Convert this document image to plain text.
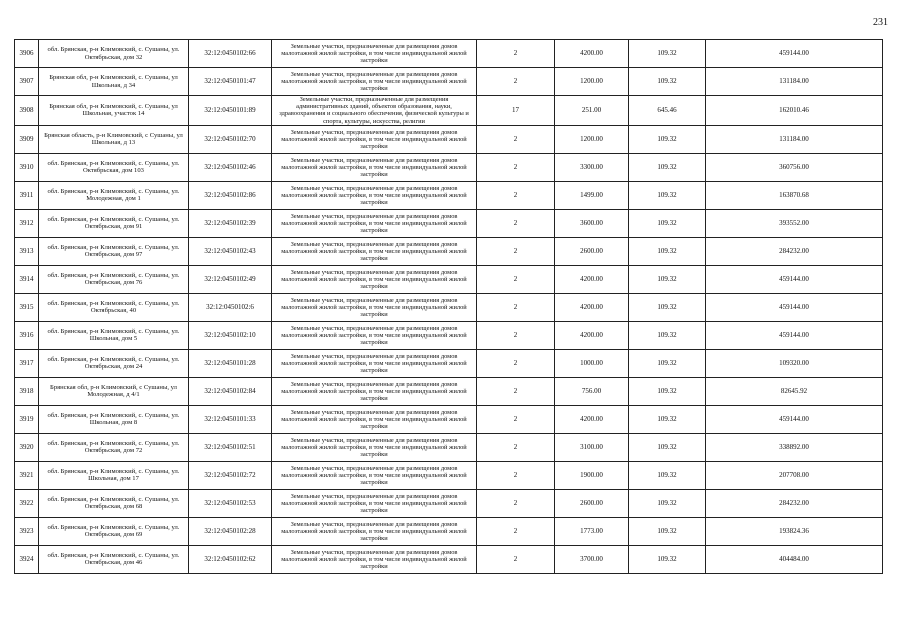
231
3906	обл. Брянская, р-н Климовский, с. Сушаны, ул. Октябрьская, дом 32	32:12:0450102:66	Земельные участки, предназначенные для размещения домов малоэтажной жилой застройки, в том числе индивидуальной жилой застройки	2	4200.00	109.32	459144.00
3907	Брянская обл, р-н Климовский, с. Сушаны, ул Школьная, д 34	32:12:0450101:47	Земельные участки, предназначенные для размещения домов малоэтажной жилой застройки, в том числе индивидуальной жилой застройки	2	1200.00	109.32	131184.00
3908	Брянская обл, р-н Климовский, с. Сушаны, ул Школьная, участок 14	32:12:0450101:89	Земельные участки, предназначенные для размещения административных зданий, объектов образования, науки, здравоохранения и социального обеспечения, физической культуры и спорта, культуры, искусства, религии	17	251.00	645.46	162010.46
3909	Брянская область, р-н Климовский, с Сушаны, ул Школьная, д 13	32:12:0450102:70	Земельные участки, предназначенные для размещения домов малоэтажной жилой застройки, в том числе индивидуальной жилой застройки	2	1200.00	109.32	131184.00
3910	обл. Брянская, р-н Климовский, с. Сушаны, ул. Октябрьская, дом 103	32:12:0450102:46	Земельные участки, предназначенные для размещения домов малоэтажной жилой застройки, в том числе индивидуальной жилой застройки	2	3300.00	109.32	360756.00
3911	обл. Брянская, р-н Климовский, с. Сушаны, ул. Молодежная, дом 1	32:12:0450102:86	Земельные участки, предназначенные для размещения домов малоэтажной жилой застройки, в том числе индивидуальной жилой застройки	2	1499.00	109.32	163870.68
3912	обл. Брянская, р-н Климовский, с. Сушаны, ул. Октябрьская, дом 91	32:12:0450102:39	Земельные участки, предназначенные для размещения домов малоэтажной жилой застройки, в том числе индивидуальной жилой застройки	2	3600.00	109.32	393552.00
3913	обл. Брянская, р-н Климовский, с. Сушаны, ул. Октябрьская, дом 97	32:12:0450102:43	Земельные участки, предназначенные для размещения домов малоэтажной жилой застройки, в том числе индивидуальной жилой застройки	2	2600.00	109.32	284232.00
3914	обл. Брянская, р-н Климовский, с. Сушаны, ул. Октябрьская, дом 76	32:12:0450102:49	Земельные участки, предназначенные для размещения домов малоэтажной жилой застройки, в том числе индивидуальной жилой застройки	2	4200.00	109.32	459144.00
3915	обл. Брянская, р-н Климовский, с. Сушаны, ул. Октябрьская, 40	32:12:0450102:6	Земельные участки, предназначенные для размещения домов малоэтажной жилой застройки, в том числе индивидуальной жилой застройки	2	4200.00	109.32	459144.00
3916	обл. Брянская, р-н Климовский, с. Сушаны, ул. Школьная, дом 5	32:12:0450102:10	Земельные участки, предназначенные для размещения домов малоэтажной жилой застройки, в том числе индивидуальной жилой застройки	2	4200.00	109.32	459144.00
3917	обл. Брянская, р-н Климовский, с. Сушаны, ул. Октябрьская, дом 24	32:12:0450101:28	Земельные участки, предназначенные для размещения домов малоэтажной жилой застройки, в том числе индивидуальной жилой застройки	2	1000.00	109.32	109320.00
3918	Брянская обл, р-н Климовский, с Сушаны, ул Молодежная, д 4/1	32:12:0450102:84	Земельные участки, предназначенные для размещения домов малоэтажной жилой застройки, в том числе индивидуальной жилой застройки	2	756.00	109.32	82645.92
3919	обл. Брянская, р-н Климовский, с. Сушаны, ул. Школьная, дом 8	32:12:0450101:33	Земельные участки, предназначенные для размещения домов малоэтажной жилой застройки, в том числе индивидуальной жилой застройки	2	4200.00	109.32	459144.00
3920	обл. Брянская, р-н Климовский, с. Сушаны, ул. Октябрьская, дом 72	32:12:0450102:51	Земельные участки, предназначенные для размещения домов малоэтажной жилой застройки, в том числе индивидуальной жилой застройки	2	3100.00	109.32	338892.00
3921	обл. Брянская, р-н Климовский, с. Сушаны, ул. Школьная, дом 17	32:12:0450102:72	Земельные участки, предназначенные для размещения домов малоэтажной жилой застройки, в том числе индивидуальной жилой застройки	2	1900.00	109.32	207708.00
3922	обл. Брянская, р-н Климовский, с. Сушаны, ул. Октябрьская, дом 68	32:12:0450102:53	Земельные участки, предназначенные для размещения домов малоэтажной жилой застройки, в том числе индивидуальной жилой застройки	2	2600.00	109.32	284232.00
3923	обл. Брянская, р-н Климовский, с. Сушаны, ул. Октябрьская, дом 69	32:12:0450102:28	Земельные участки, предназначенные для размещения домов малоэтажной жилой застройки, в том числе индивидуальной жилой застройки	2	1773.00	109.32	193824.36
3924	обл. Брянская, р-н Климовский, с. Сушаны, ул. Октябрьская, дом 46	32:12:0450102:62	Земельные участки, предназначенные для размещения домов малоэтажной жилой застройки, в том числе индивидуальной жилой застройки	2	3700.00	109.32	404484.00
